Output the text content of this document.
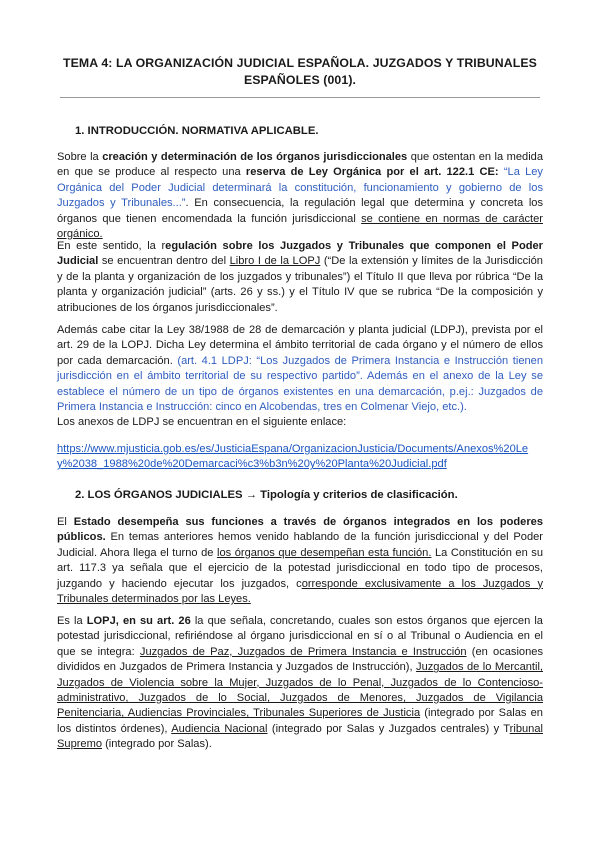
TEMA 4: LA ORGANIZACIÓN JUDICIAL ESPAÑOLA. JUZGADOS Y TRIBUNALES ESPAÑOLES (001).
1. INTRODUCCIÓN. NORMATIVA APLICABLE.
Sobre la creación y determinación de los órganos jurisdiccionales que ostentan en la medida en que se produce al respecto una reserva de Ley Orgánica por el art. 122.1 CE: “La Ley Orgánica del Poder Judicial determinará la constitución, funcionamiento y gobierno de los Juzgados y Tribunales...”. En consecuencia, la regulación legal que determina y concreta los órganos que tienen encomendada la función jurisdiccional se contiene en normas de carácter orgánico.
En este sentido, la regulación sobre los Juzgados y Tribunales que componen el Poder Judicial se encuentran dentro del Libro I de la LOPJ (“De la extensión y límites de la Jurisdicción y de la planta y organización de los juzgados y tribunales”) el Título II que lleva por rúbrica “De la planta y organización judicial” (arts. 26 y ss.) y el Título IV que se rubrica “De la composición y atribuciones de los órganos jurisdiccionales”.
Además cabe citar la Ley 38/1988 de 28 de demarcación y planta judicial (LDPJ), prevista por el art. 29 de la LOPJ. Dicha Ley determina el ámbito territorial de cada órgano y el número de ellos por cada demarcación. (art. 4.1 LDPJ: “Los Juzgados de Primera Instancia e Instrucción tienen jurisdicción en el ámbito territorial de su respectivo partido”. Además en el anexo de la Ley se establece el número de un tipo de órganos existentes en una demarcación, p.ej.: Juzgados de Primera Instancia e Instrucción: cinco en Alcobendas, tres en Colmenar Viejo, etc.).
Los anexos de LDPJ se encuentran en el siguiente enlace:
https://www.mjusticia.gob.es/es/JusticiaEspana/OrganizacionJusticia/Documents/Anexos%20Ley%2038_1988%20de%20Demarcaci%c3%b3n%20y%20Planta%20Judicial.pdf
2. LOS ÓRGANOS JUDICIALES → Tipología y criterios de clasificación.
El Estado desempeña sus funciones a través de órganos integrados en los poderes públicos. En temas anteriores hemos venido hablando de la función jurisdiccional y del Poder Judicial. Ahora llega el turno de los órganos que desempeñan esta función. La Constitución en su art. 117.3 ya señala que el ejercicio de la potestad jurisdiccional en todo tipo de procesos, juzgando y haciendo ejecutar los juzgados, corresponde exclusivamente a los Juzgados y Tribunales determinados por las Leyes.
Es la LOPJ, en su art. 26 la que señala, concretando, cuales son estos órganos que ejercen la potestad jurisdiccional, refiriéndose al órgano jurisdiccional en sí o al Tribunal o Audiencia en el que se integra: Juzgados de Paz, Juzgados de Primera Instancia e Instrucción (en ocasiones divididos en Juzgados de Primera Instancia y Juzgados de Instrucción), Juzgados de lo Mercantil, Juzgados de Violencia sobre la Mujer, Juzgados de lo Penal, Juzgados de lo Contencioso-administrativo, Juzgados de lo Social, Juzgados de Menores, Juzgados de Vigilancia Penitenciaria, Audiencias Provinciales, Tribunales Superiores de Justicia (integrado por Salas en los distintos órdenes), Audiencia Nacional (integrado por Salas y Juzgados centrales) y Tribunal Supremo (integrado por Salas).
